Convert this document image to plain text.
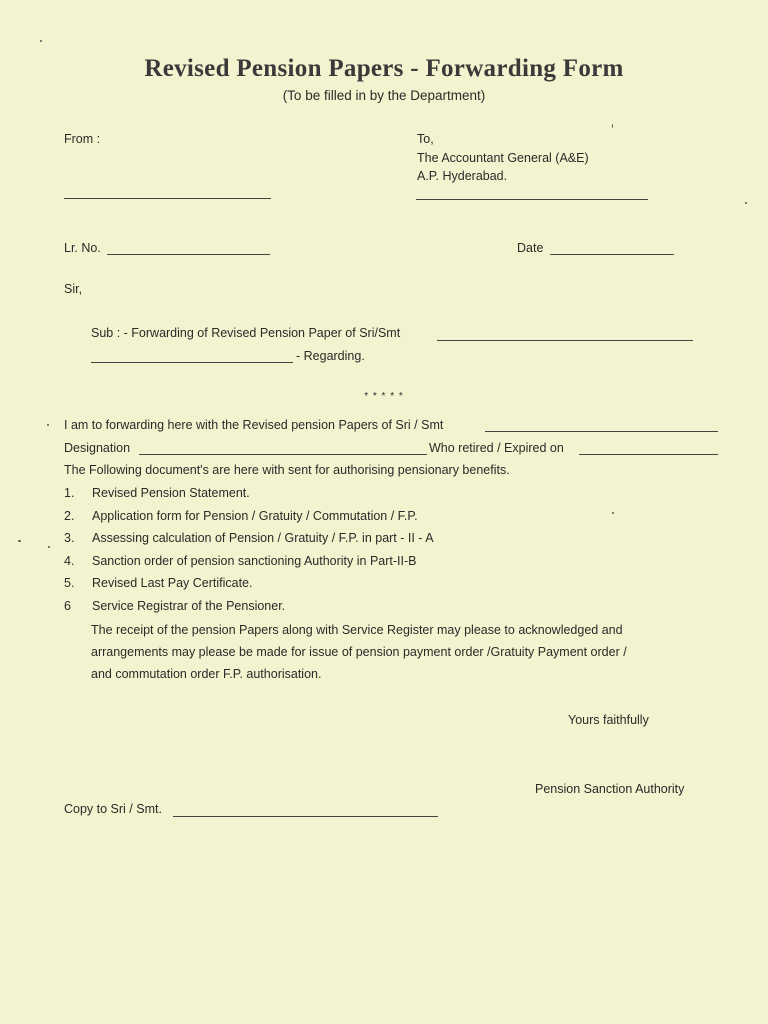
Revised Pension Papers - Forwarding Form
(To be filled in by the Department)
From :	To,
The Accountant General (A&E)
A.P. Hyderabad.
Lr. No.	Date
Sir,
Sub : - Forwarding of Revised Pension Paper of Sri/Smt
- Regarding.
* * * * *
I am to forwarding here with the Revised pension Papers of Sri / Smt
Designation	Who retired / Expired on
The Following document's are here with sent for authorising pensionary benefits.
1. Revised Pension Statement.
2. Application form for Pension / Gratuity / Commutation / F.P.
3. Assessing calculation of Pension / Gratuity / F.P. in part - II - A
4. Sanction order of pension sanctioning Authority in Part-II-B
5. Revised Last Pay Certificate.
6 Service Registrar of the Pensioner.
The receipt of the pension Papers along with Service Register may please to acknowledged and
arrangements may please be made for issue of pension payment order /Gratuity Payment order /
and commutation order F.P. authorisation.
Yours faithfully
Pension Sanction Authority
Copy to Sri / Smt.
